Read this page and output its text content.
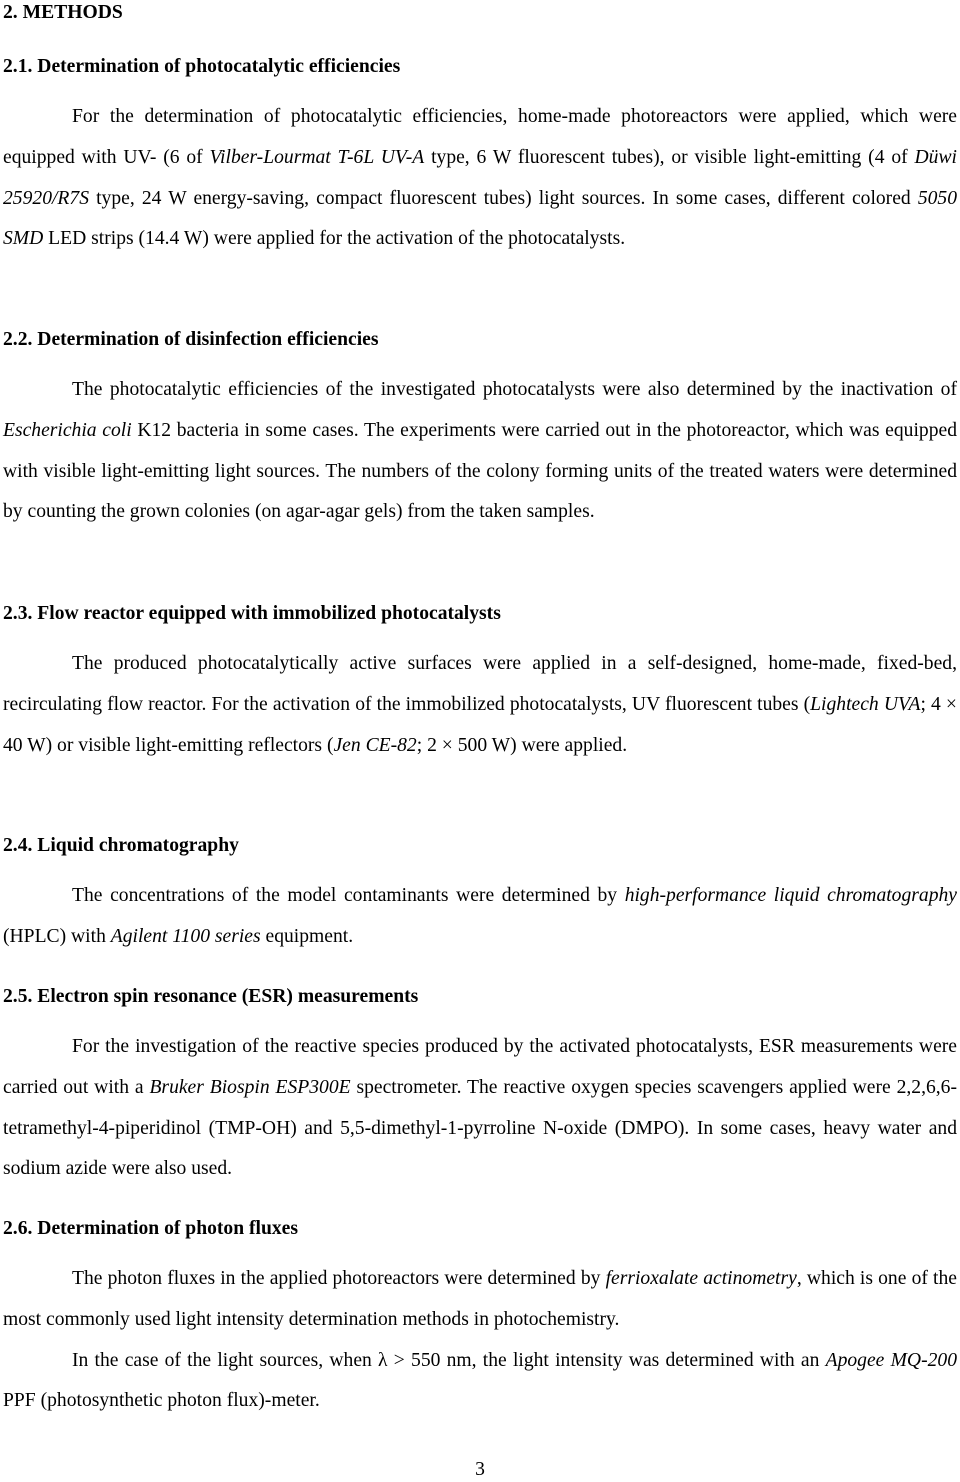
2. METHODS
2.1. Determination of photocatalytic efficiencies
For the determination of photocatalytic efficiencies, home-made photoreactors were applied, which were equipped with UV- (6 of Vilber-Lourmat T-6L UV-A type, 6 W fluorescent tubes), or visible light-emitting (4 of Düwi 25920/R7S type, 24 W energy-saving, compact fluorescent tubes) light sources. In some cases, different colored 5050 SMD LED strips (14.4 W) were applied for the activation of the photocatalysts.
2.2. Determination of disinfection efficiencies
The photocatalytic efficiencies of the investigated photocatalysts were also determined by the inactivation of Escherichia coli K12 bacteria in some cases. The experiments were carried out in the photoreactor, which was equipped with visible light-emitting light sources. The numbers of the colony forming units of the treated waters were determined by counting the grown colonies (on agar-agar gels) from the taken samples.
2.3. Flow reactor equipped with immobilized photocatalysts
The produced photocatalytically active surfaces were applied in a self-designed, home-made, fixed-bed, recirculating flow reactor. For the activation of the immobilized photocatalysts, UV fluorescent tubes (Lightech UVA; 4 × 40 W) or visible light-emitting reflectors (Jen CE-82; 2 × 500 W) were applied.
2.4. Liquid chromatography
The concentrations of the model contaminants were determined by high-performance liquid chromatography (HPLC) with Agilent 1100 series equipment.
2.5. Electron spin resonance (ESR) measurements
For the investigation of the reactive species produced by the activated photocatalysts, ESR measurements were carried out with a Bruker Biospin ESP300E spectrometer. The reactive oxygen species scavengers applied were 2,2,6,6-tetramethyl-4-piperidinol (TMP-OH) and 5,5-dimethyl-1-pyrroline N-oxide (DMPO). In some cases, heavy water and sodium azide were also used.
2.6. Determination of photon fluxes
The photon fluxes in the applied photoreactors were determined by ferrioxalate actinometry, which is one of the most commonly used light intensity determination methods in photochemistry.
In the case of the light sources, when λ > 550 nm, the light intensity was determined with an Apogee MQ-200 PPF (photosynthetic photon flux)-meter.
3
